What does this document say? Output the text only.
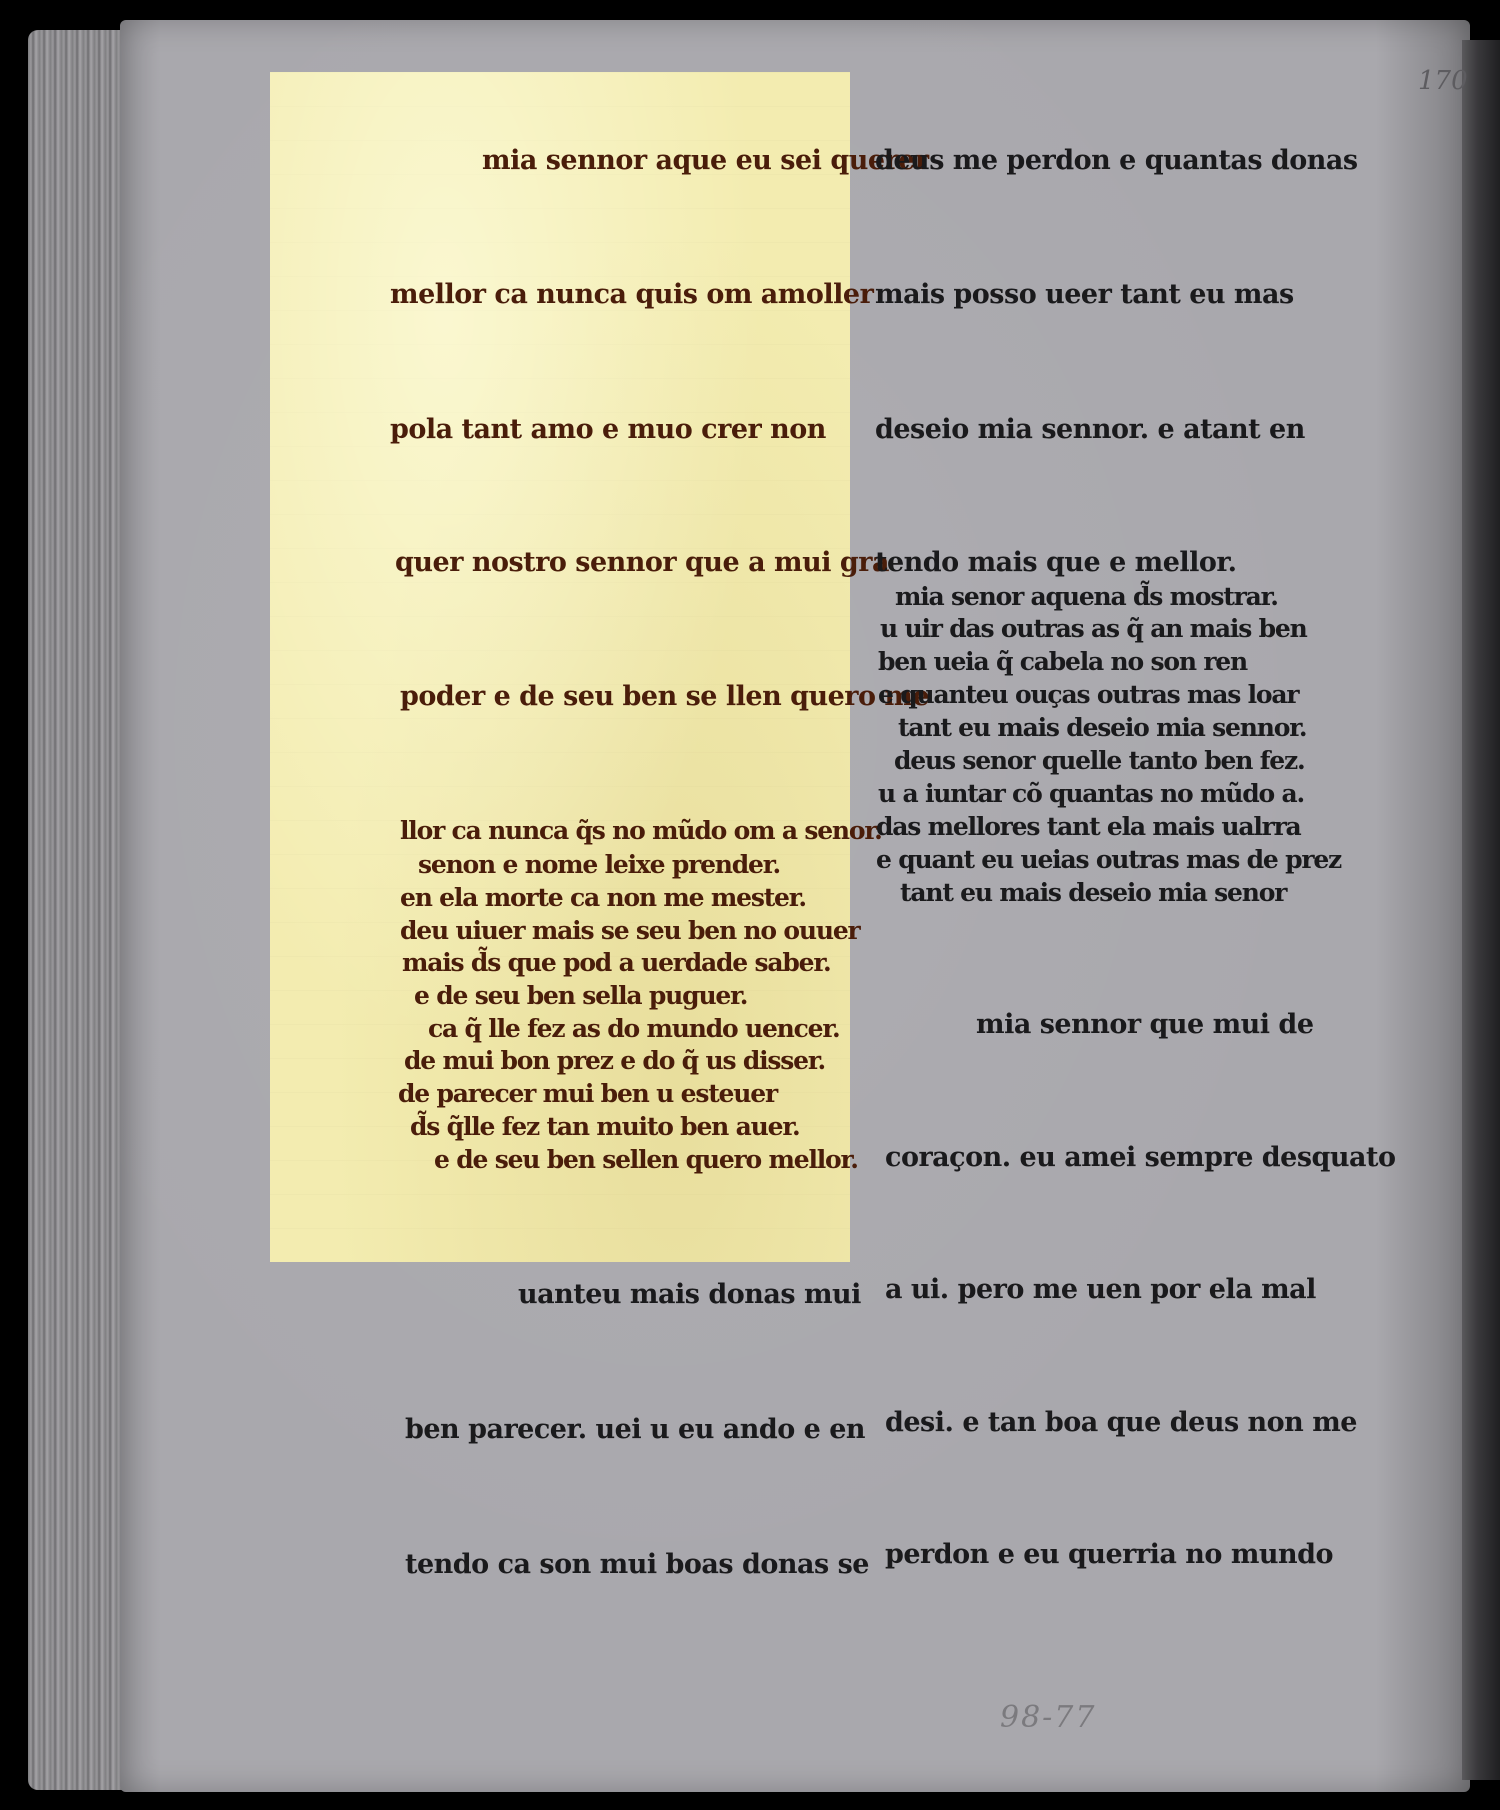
170
98-77
mia sennor aque eu sei querer
mellor ca nunca quis om amoller
pola tant amo e muo crer non
quer nostro sennor que a mui gra
poder e de seu ben se llen quero me
llor ca nunca q̃s no mũdo om a senor.
senon e nome leixe prender.
en ela morte ca non me mester.
deu uiuer mais se seu ben no ouuer
mais d̃s que pod a uerdade saber.
e de seu ben sella puguer.
ca q̃ lle fez as do mundo uencer.
de mui bon prez e do q̃ us disser.
de parecer mui ben u esteuer
d̃s q̃lle fez tan muito ben auer.
e de seu ben sellen quero mellor.
uanteu mais donas mui
ben parecer. uei u eu ando e en
tendo ca son mui boas donas se
deus me perdon e quantas donas
mais posso ueer tant eu mas
deseio mia sennor. e atant en
tendo mais que e mellor.
mia senor aquena d̃s mostrar.
u uir das outras as q̃ an mais ben
ben ueia q̃ cabela no son ren
e quanteu ouças outras mas loar
tant eu mais deseio mia sennor.
deus senor quelle tanto ben fez.
u a iuntar cõ quantas no mũdo a.
das mellores tant ela mais ualrra
e quant eu ueias outras mas de prez
tant eu mais deseio mia senor
mia sennor que mui de
coraçon. eu amei sempre desquato
a ui. pero me uen por ela mal
desi. e tan boa que deus non me
perdon e eu querria no mundo
